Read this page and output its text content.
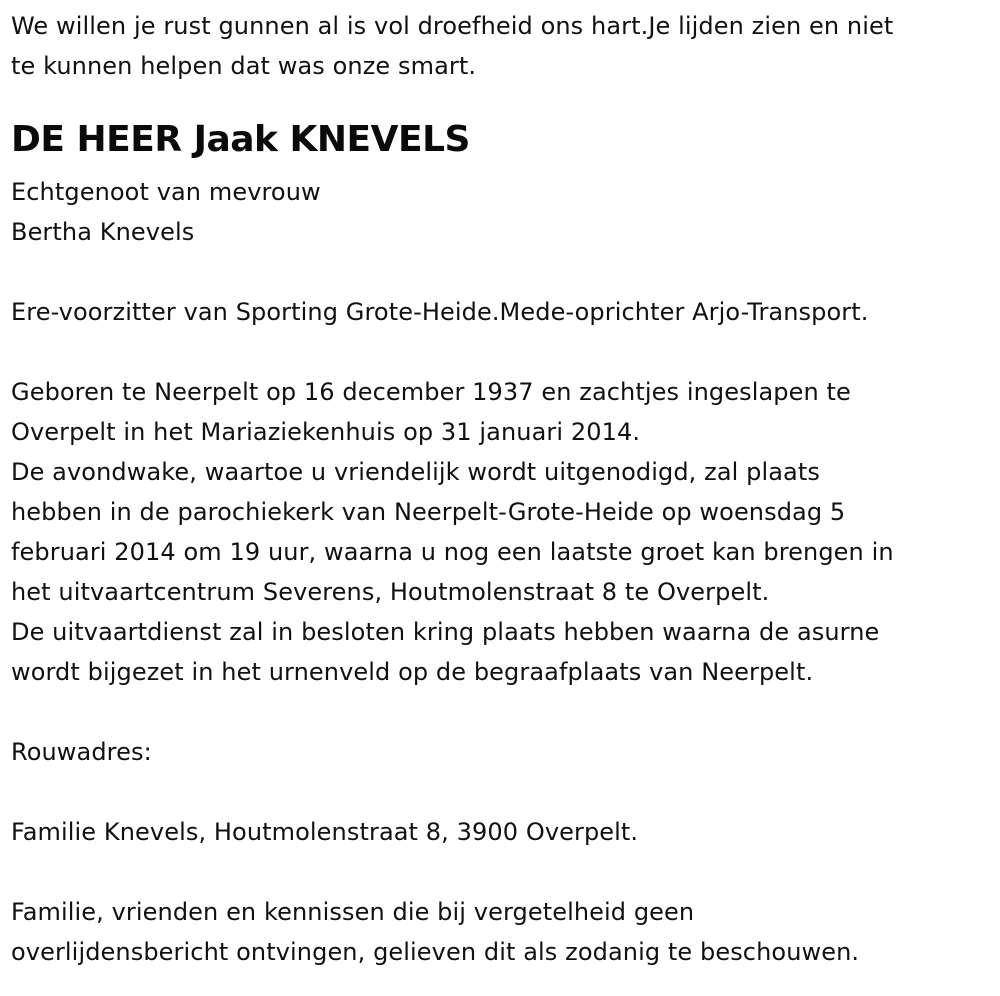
We willen je rust gunnen al is vol droefheid ons hart.Je lijden zien en niet
te kunnen helpen dat was onze smart.
DE HEER Jaak KNEVELS
Echtgenoot van mevrouw
Bertha Knevels
Ere-voorzitter van Sporting Grote-Heide.Mede-oprichter Arjo-Transport.
Geboren te Neerpelt op 16 december 1937 en zachtjes ingeslapen te
Overpelt in het Mariaziekenhuis op 31 januari 2014.
De avondwake, waartoe u vriendelijk wordt uitgenodigd, zal plaats
hebben in de parochiekerk van Neerpelt-Grote-Heide op woensdag 5
februari 2014 om 19 uur, waarna u nog een laatste groet kan brengen in
het uitvaartcentrum Severens, Houtmolenstraat 8 te Overpelt.
De uitvaartdienst zal in besloten kring plaats hebben waarna de asurne
wordt bijgezet in het urnenveld op de begraafplaats van Neerpelt.
Rouwadres:
Familie Knevels, Houtmolenstraat 8, 3900 Overpelt.
Familie, vrienden en kennissen die bij vergetelheid geen
overlijdensbericht ontvingen, gelieven dit als zodanig te beschouwen.
